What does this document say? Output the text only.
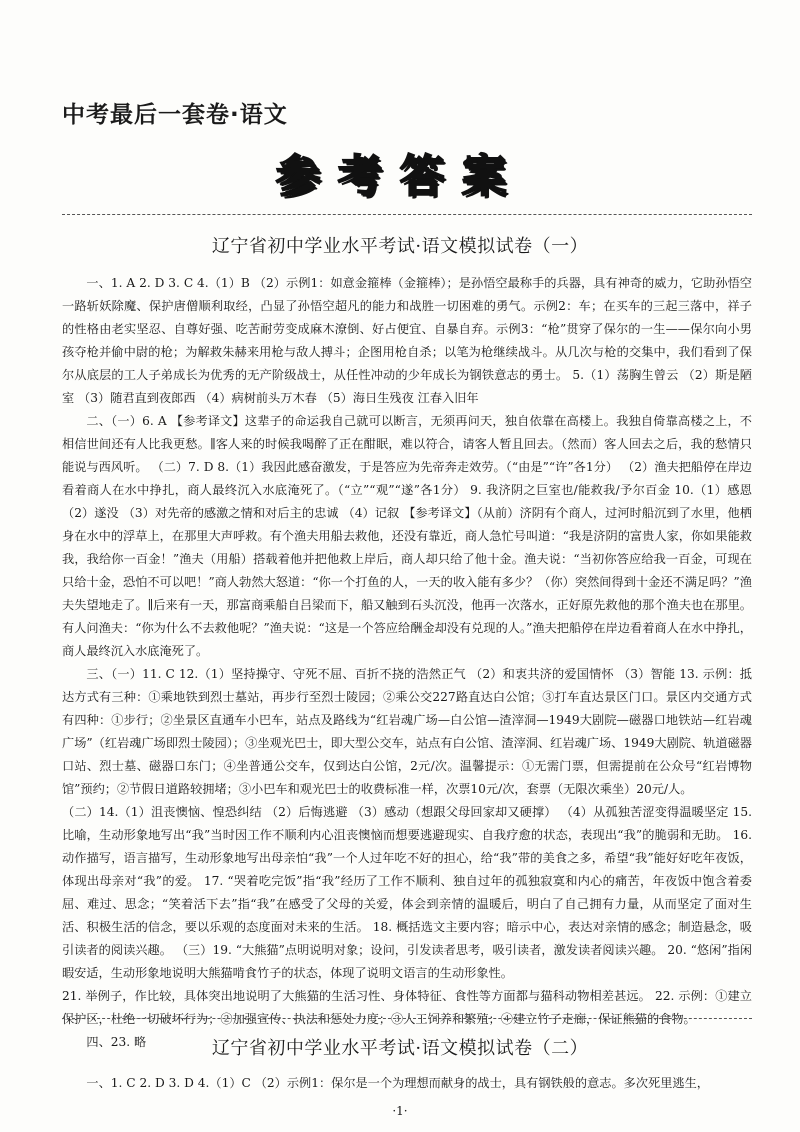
中考最后一套卷·语文
参考答案
辽宁省初中学业水平考试·语文模拟试卷（一）

一、1. A 2. D 3. C 4.（1）B （2）示例1：如意金箍棒（金箍棒）；是孙悟空最称手的兵器，具有神奇的威力，它助孙悟空一路斩妖除魔、保护唐僧顺利取经，凸显了孙悟空超凡的能力和战胜一切困难的勇气。示例2：车；在买车的三起三落中，祥子的性格由老实坚忍、自尊好强、吃苦耐劳变成麻木潦倒、好占便宜、自暴自弃。示例3：“枪”贯穿了保尔的一生——保尔向小男孩夺枪并偷中尉的枪；为解救朱赫来用枪与敌人搏斗；企图用枪自杀；以笔为枪继续战斗。从几次与枪的交集中，我们看到了保尔从底层的工人子弟成长为优秀的无产阶级战士，从任性冲动的少年成长为钢铁意志的勇士。 5.（1）荡胸生曾云 （2）斯是陋室 （3）随君直到夜郎西 （4）病树前头万木春 （5）海日生残夜 江春入旧年

二、（一）6. A 【参考译文】这辈子的命运我自己就可以断言，无须再问天，独自依靠在高楼上。我独自倚靠高楼之上，不相信世间还有人比我更愁。∥客人来的时候我喝醉了正在酣眠，难以符合，请客人暂且回去。（然而）客人回去之后，我的愁情只能说与西风听。 （二）7. D 8.（1）我因此感奋激发，于是答应为先帝奔走效劳。（“由是”“许”各1分） （2）渔夫把船停在岸边看着商人在水中挣扎，商人最终沉入水底淹死了。（“立”“观”“遂”各1分） 9. 我济阴之巨室也/能救我/予尔百金 10.（1）感恩 （2）遂没 （3）对先帝的感激之情和对后主的忠诚 （4）记叙 【参考译文】（从前）济阴有个商人，过河时船沉到了水里，他栖身在水中的浮草上，在那里大声呼救。有个渔夫用船去救他，还没有靠近，商人急忙号叫道：“我是济阴的富贵人家，你如果能救我，我给你一百金！”渔夫（用船）搭载着他并把他救上岸后，商人却只给了他十金。渔夫说：“当初你答应给我一百金，可现在只给十金，恐怕不可以吧！”商人勃然大怒道：“你一个打鱼的人，一天的收入能有多少？（你）突然间得到十金还不满足吗？”渔夫失望地走了。∥后来有一天，那富商乘船自吕梁而下，船又触到石头沉没，他再一次落水，正好原先救他的那个渔夫也在那里。有人问渔夫：“你为什么不去救他呢？”渔夫说：“这是一个答应给酬金却没有兑现的人。”渔夫把船停在岸边看着商人在水中挣扎，商人最终沉入水底淹死了。

三、（一）11. C 12.（1）坚持操守、守死不屈、百折不挠的浩然正气 （2）和衷共济的爱国情怀 （3）智能 13. 示例：抵达方式有三种：①乘地铁到烈士墓站，再步行至烈士陵园；②乘公交227路直达白公馆；③打车直达景区门口。景区内交通方式有四种：①步行；②坐景区直通车小巴车，站点及路线为“红岩魂广场—白公馆—渣滓洞—1949大剧院—磁器口地铁站—红岩魂广场”（红岩魂广场即烈士陵园）；③坐观光巴士，即大型公交车，站点有白公馆、渣滓洞、红岩魂广场、1949大剧院、轨道磁器口站、烈士墓、磁器口东门；④坐普通公交车，仅到达白公馆，2元/次。温馨提示：①无需门票，但需提前在公众号“红岩博物馆”预约；②节假日道路较拥堵；③小巴车和观光巴士的收费标准一样，次票10元/次，套票（无限次乘坐）20元/人。

（二）14.（1）沮丧懊恼、惶恐纠结 （2）后悔逃避 （3）感动（想跟父母回家却又硬撑） （4）从孤独苦涩变得温暖坚定 15. 比喻，生动形象地写出“我”当时因工作不顺利内心沮丧懊恼而想要逃避现实、自我疗愈的状态，表现出“我”的脆弱和无助。 16. 动作描写，语言描写，生动形象地写出母亲怕“我”一个人过年吃不好的担心，给“我”带的美食之多，希望“我”能好好吃年夜饭，体现出母亲对“我”的爱。 17. “哭着吃完饭”指“我”经历了工作不顺利、独自过年的孤独寂寞和内心的痛苦，年夜饭中饱含着委屈、难过、思念；“笑着活下去”指“我”在感受了父母的关爱，体会到亲情的温暖后，明白了自己拥有力量，从而坚定了面对生活、积极生活的信念，要以乐观的态度面对未来的生活。 18. 概括选文主要内容；暗示中心，表达对亲情的感念；制造悬念，吸引读者的阅读兴趣。 （三）19. “大熊猫”点明说明对象；设问，引发读者思考，吸引读者，激发读者阅读兴趣。 20. “悠闲”指闲暇安适，生动形象地说明大熊猫啃食竹子的状态，体现了说明文语言的生动形象性。

21. 举例子，作比较，具体突出地说明了大熊猫的生活习性、身体特征、食性等方面都与猫科动物相差甚远。 22. 示例：①建立保护区，杜绝一切破坏行为；②加强宣传、执法和惩处力度；③人工饲养和繁殖；④建立竹子走廊，保证熊猫的食物。

四、23. 略	辽宁省初中学业水平考试·语文模拟试卷（二）

一、1. C 2. D 3. D 4.（1）C （2）示例1：保尔是一个为理想而献身的战士，具有钢铁般的意志。多次死里逃生，

·1·
